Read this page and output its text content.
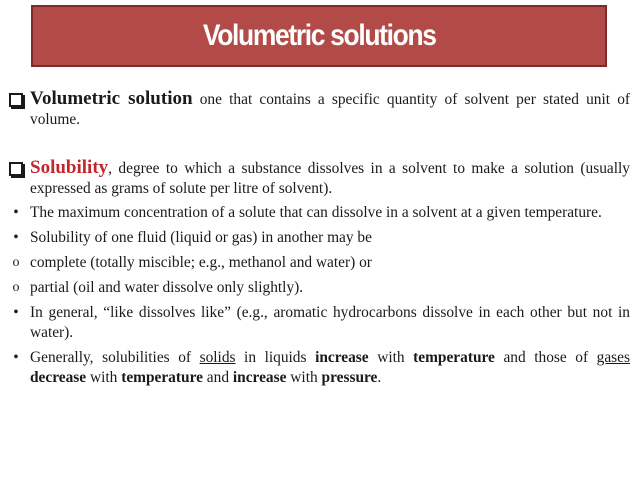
Volumetric solutions
Volumetric solution one that contains a specific quantity of solvent per stated unit of volume.
Solubility, degree to which a substance dissolves in a solvent to make a solution (usually expressed as grams of solute per litre of solvent).
• The maximum concentration of a solute that can dissolve in a solvent at a given temperature.
• Solubility of one fluid (liquid or gas) in another may be
o complete (totally miscible; e.g., methanol and water) or
o partial (oil and water dissolve only slightly).
• In general, “like dissolves like” (e.g., aromatic hydrocarbons dissolve in each other but not in water).
• Generally, solubilities of solids in liquids increase with temperature and those of gases decrease with temperature and increase with pressure.
